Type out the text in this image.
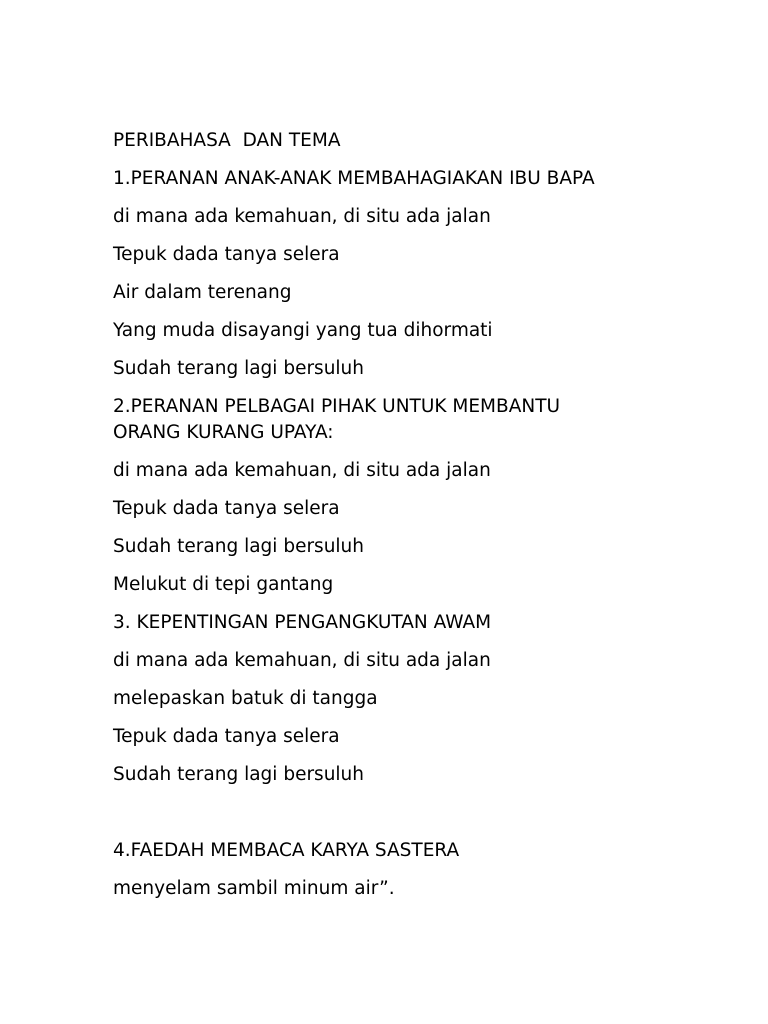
PERIBAHASA  DAN TEMA
1.PERANAN ANAK-ANAK MEMBAHAGIAKAN IBU BAPA
di mana ada kemahuan, di situ ada jalan
Tepuk dada tanya selera
Air dalam terenang
Yang muda disayangi yang tua dihormati
Sudah terang lagi bersuluh
2.PERANAN PELBAGAI PIHAK UNTUK MEMBANTU ORANG KURANG UPAYA:
di mana ada kemahuan, di situ ada jalan
Tepuk dada tanya selera
Sudah terang lagi bersuluh
Melukut di tepi gantang
3. KEPENTINGAN PENGANGKUTAN AWAM
di mana ada kemahuan, di situ ada jalan
melepaskan batuk di tangga
Tepuk dada tanya selera
Sudah terang lagi bersuluh
4.FAEDAH MEMBACA KARYA SASTERA
menyelam sambil minum air”.
